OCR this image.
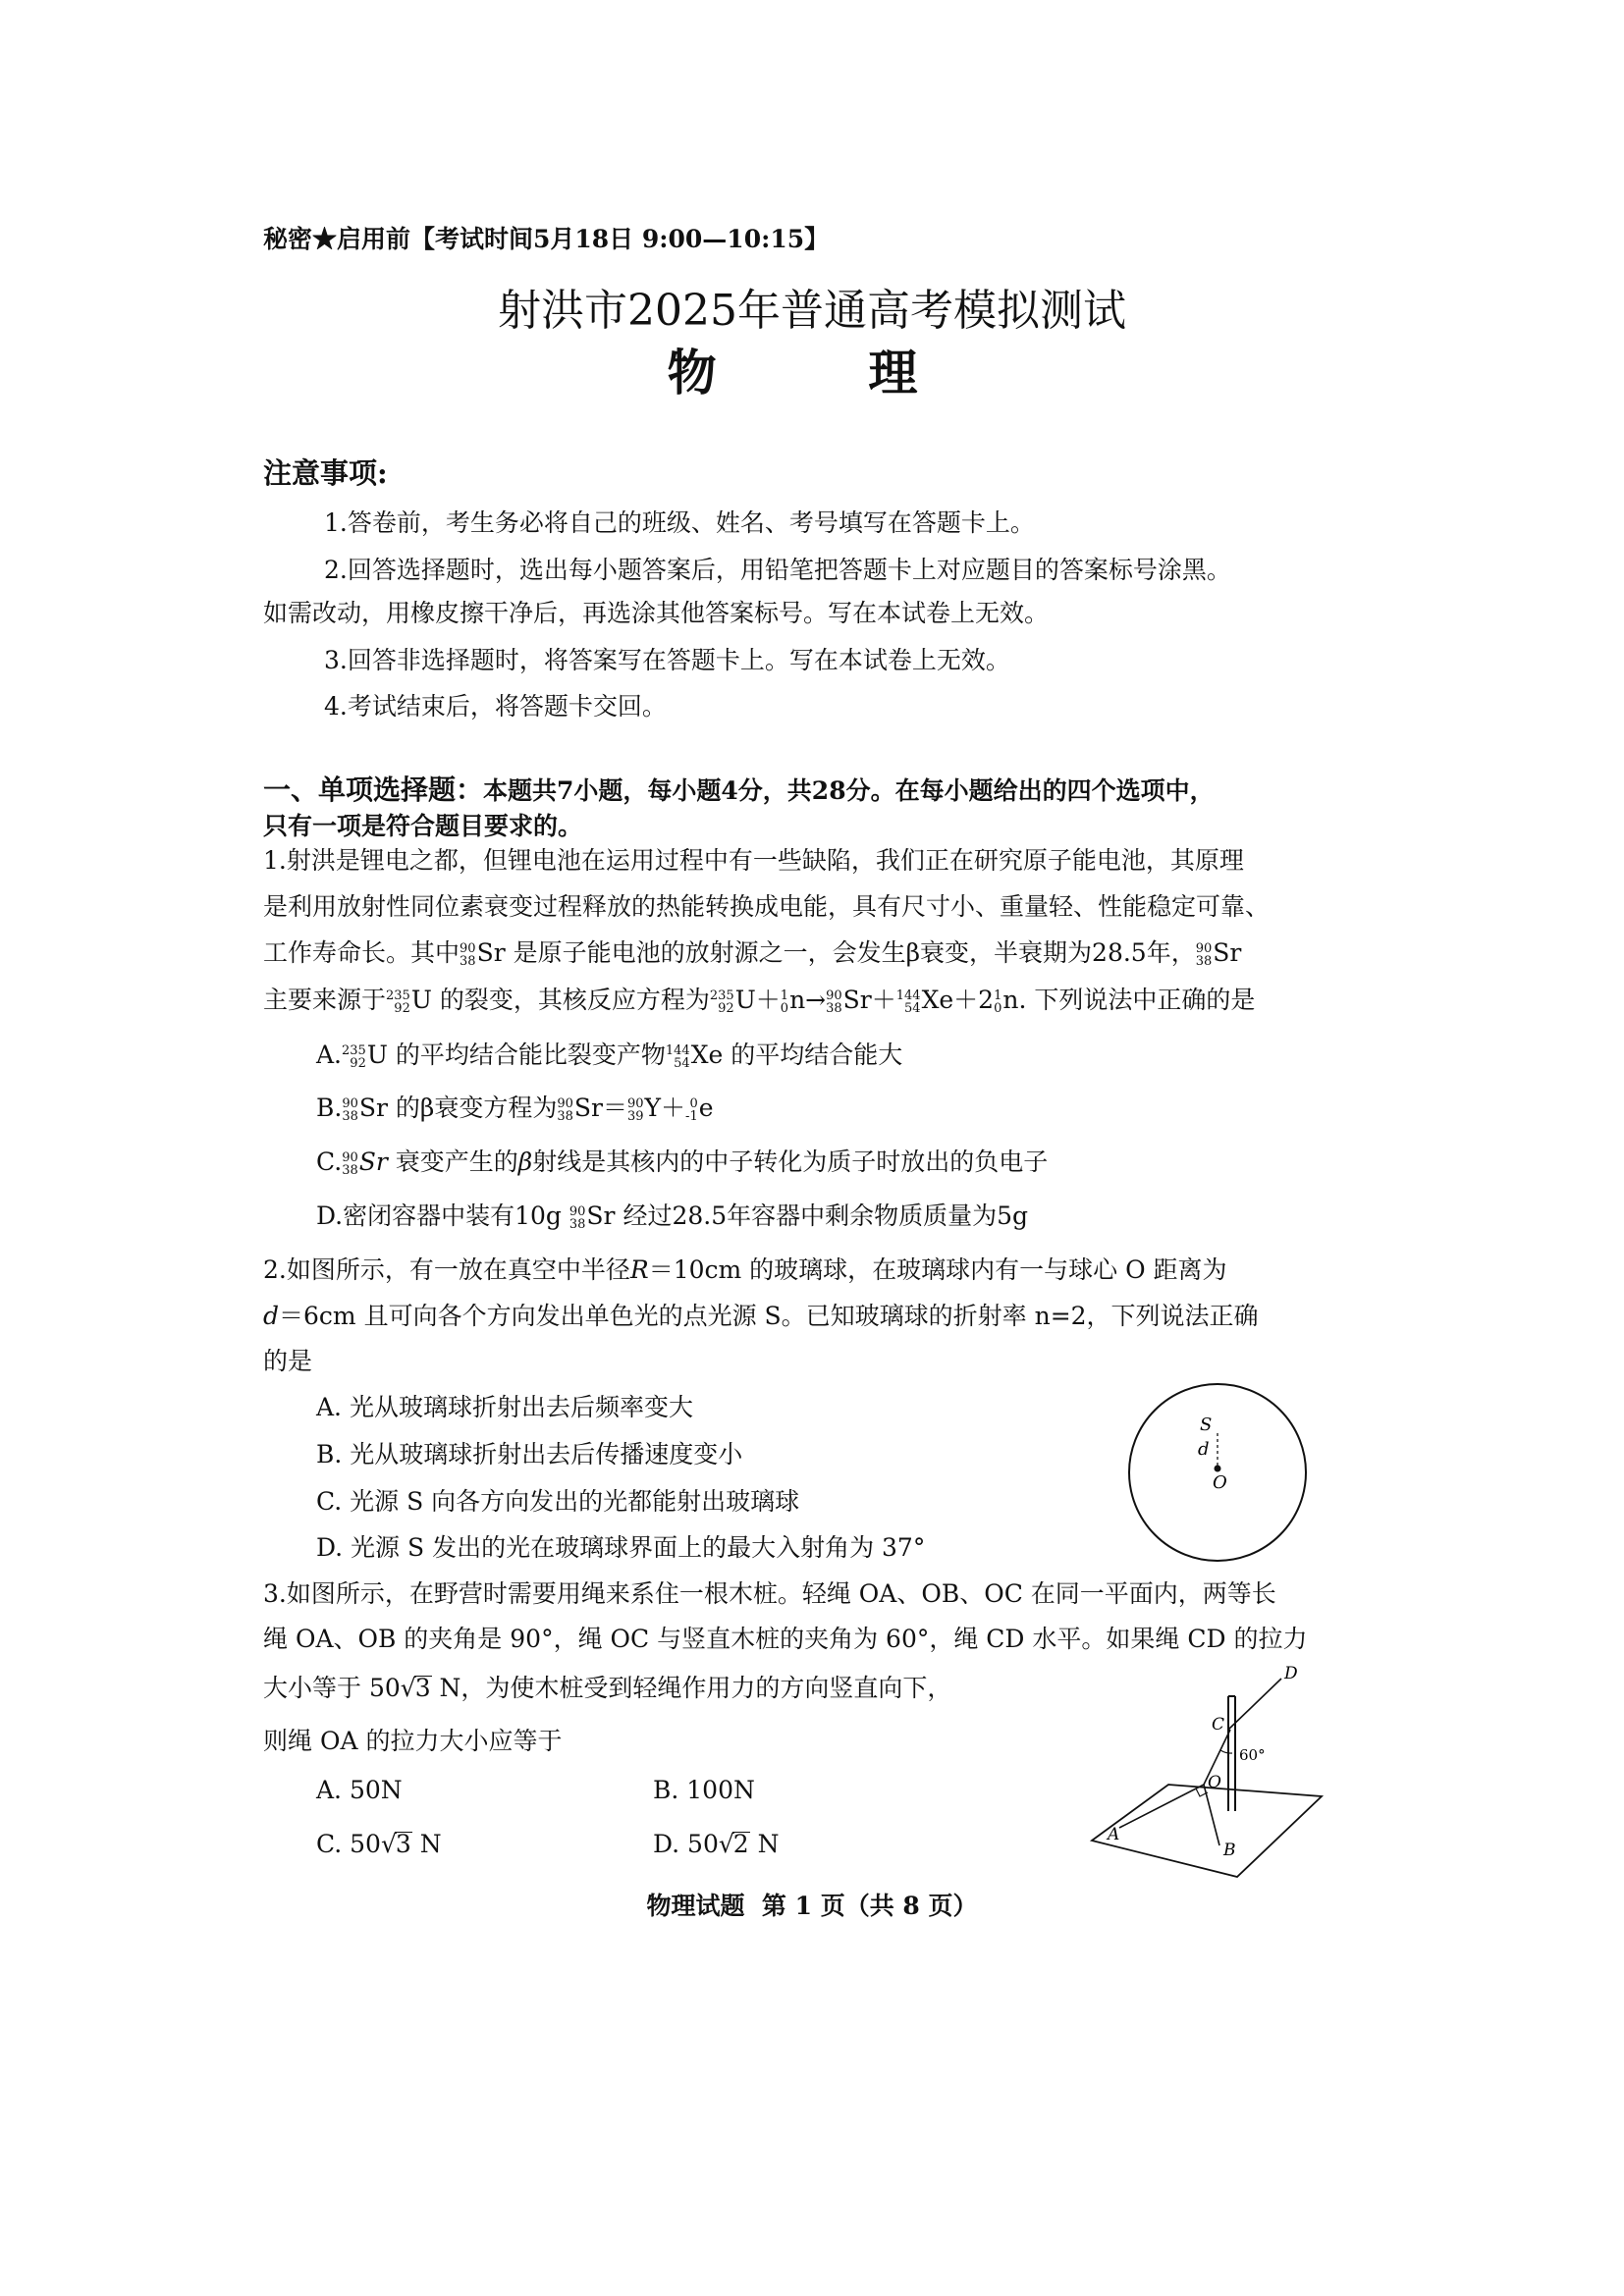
秘密★启用前【考试时间5月18日 9:00—10:15】
射洪市2025年普通高考模拟测试
物  理
注意事项:
1.答卷前，考生务必将自己的班级、姓名、考号填写在答题卡上。
2.回答选择题时，选出每小题答案后，用铅笔把答题卡上对应题目的答案标号涂黑。
如需改动，用橡皮擦干净后，再选涂其他答案标号。写在本试卷上无效。
3.回答非选择题时，将答案写在答题卡上。写在本试卷上无效。
4.考试结束后，将答题卡交回。
一、单项选择题：本题共7小题，每小题4分，共28分。在每小题给出的四个选项中，
只有一项是符合题目要求的。
1.射洪是锂电之都，但锂电池在运用过程中有一些缺陷，我们正在研究原子能电池，其原理
是利用放射性同位素衰变过程释放的热能转换成电能，具有尺寸小、重量轻、性能稳定可靠、
工作寿命长。其中 90
38 Sr 是原子能电池的放射源之一，会发生β衰变，半衰期为28.5年， 90
38 Sr
主要来源于 235
92 U 的裂变，其核反应方程为 235
92 U＋ 1
0 n→ 90
38 Sr＋ 144
54 Xe＋2 1
0 n. 下列说法中正确的是
A. 235
92 U 的平均结合能比裂变产物 144
54 Xe 的平均结合能大
B. 90
38 Sr 的β衰变方程为 90
38 Sr＝ 90
39 Y＋ 0
-1 e
C. 90
38 Sr 衰变产生的β射线是其核内的中子转化为质子时放出的负电子
D.密闭容器中装有10g 90
38 Sr 经过28.5年容器中剩余物质质量为5g
2.如图所示，有一放在真空中半径R＝10cm 的玻璃球，在玻璃球内有一与球心 O 距离为
d＝6cm 且可向各个方向发出单色光的点光源 S。已知玻璃球的折射率 n=2，下列说法正确
的是
A. 光从玻璃球折射出去后频率变大
B. 光从玻璃球折射出去后传播速度变小
C. 光源 S 向各方向发出的光都能射出玻璃球
D. 光源 S 发出的光在玻璃球界面上的最大入射角为 37°
S
d
O
3.如图所示，在野营时需要用绳来系住一根木桩。轻绳 OA、OB、OC 在同一平面内，两等长
绳 OA、OB 的夹角是 90°，绳 OC 与竖直木桩的夹角为 60°，绳 CD 水平。如果绳 CD 的拉力
大小等于 50√3 N，为使木桩受到轻绳作用力的方向竖直向下，
则绳 OA 的拉力大小应等于
A. 50N	B. 100N
C. 50√3 N	D. 50√2 N
D
C
60°
O
A
B
物理试题  第 1 页（共 8 页）
